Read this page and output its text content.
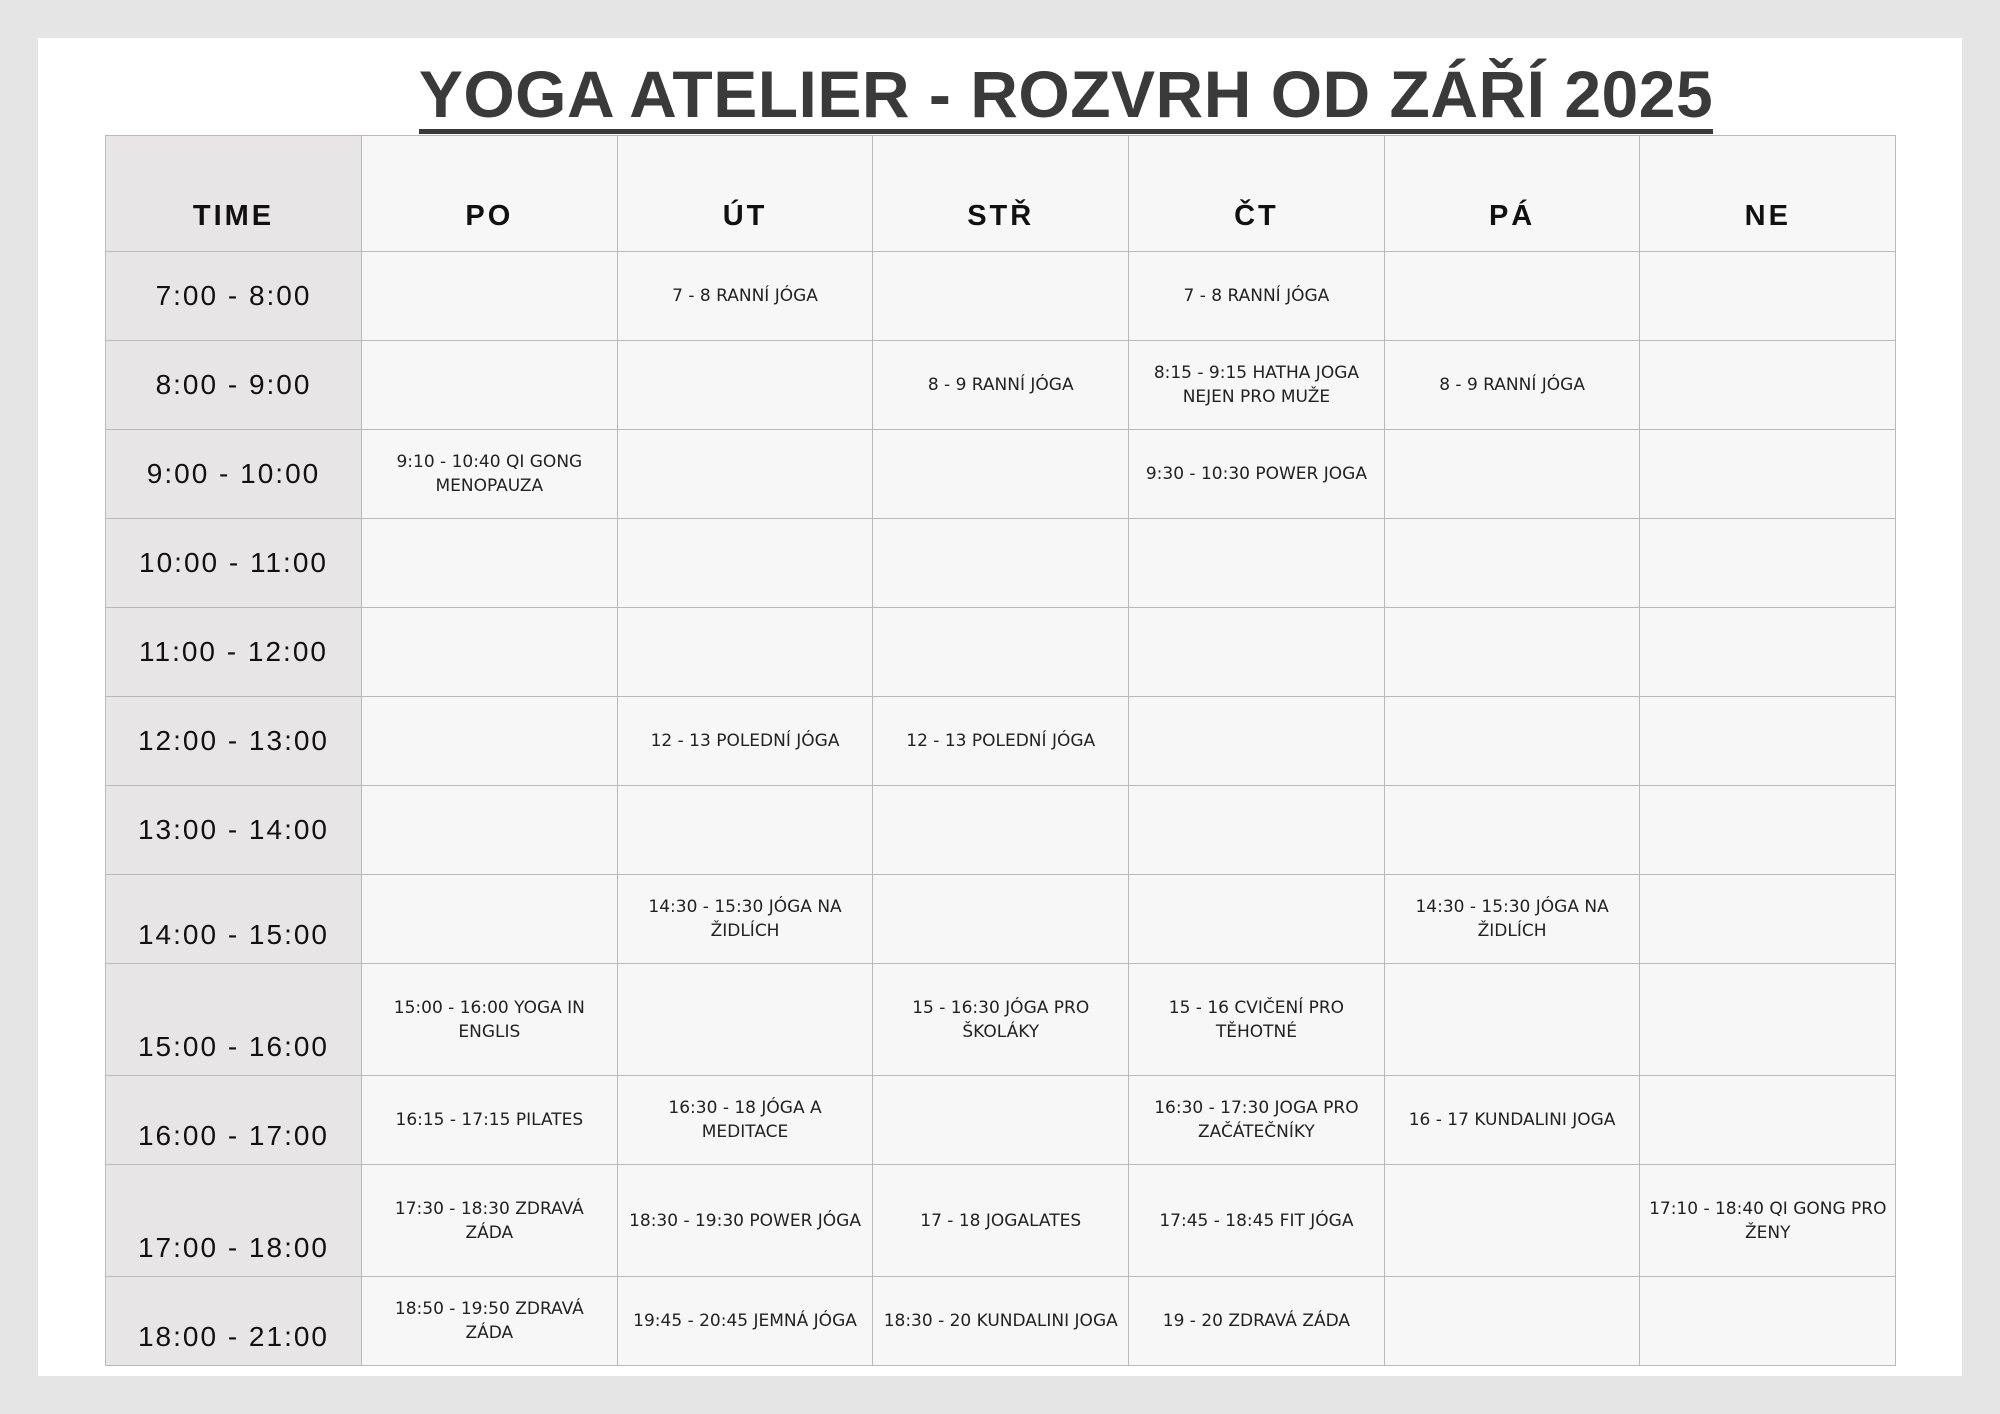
YOGA ATELIER - ROZVRH OD ZÁŘÍ 2025
TIME	PO	ÚT	STŘ	ČT	PÁ	NE
7:00 - 8:00		7 - 8 RANNÍ JÓGA		7 - 8 RANNÍ JÓGA		
8:00 - 9:00			8 - 9 RANNÍ JÓGA	8:15 - 9:15 HATHA JOGA NEJEN PRO MUŽE	8 - 9 RANNÍ JÓGA	
9:00 - 10:00	9:10 - 10:40 QI GONG MENOPAUZA			9:30 - 10:30 POWER JOGA		
10:00 - 11:00						
11:00 - 12:00						
12:00 - 13:00		12 - 13 POLEDNÍ JÓGA	12 - 13 POLEDNÍ JÓGA			
13:00 - 14:00						
14:00 - 15:00		14:30 - 15:30 JÓGA NA ŽIDLÍCH			14:30 - 15:30 JÓGA NA ŽIDLÍCH	
15:00 - 16:00	15:00 - 16:00 YOGA IN ENGLIS		15 - 16:30 JÓGA PRO ŠKOLÁKY	15 - 16 CVIČENÍ PRO TĚHOTNÉ		
16:00 - 17:00	16:15 - 17:15 PILATES	16:30 - 18 JÓGA A MEDITACE		16:30 - 17:30 JOGA PRO ZAČÁTEČNÍKY	16 - 17 KUNDALINI JOGA	
17:00 - 18:00	17:30 - 18:30 ZDRAVÁ ZÁDA	18:30 - 19:30 POWER JÓGA	17 - 18 JOGALATES	17:45 - 18:45 FIT JÓGA		17:10 - 18:40 QI GONG PRO ŽENY
18:00 - 21:00	18:50 - 19:50 ZDRAVÁ ZÁDA	19:45 - 20:45 JEMNÁ JÓGA	18:30 - 20 KUNDALINI JOGA	19 - 20 ZDRAVÁ ZÁDA		
